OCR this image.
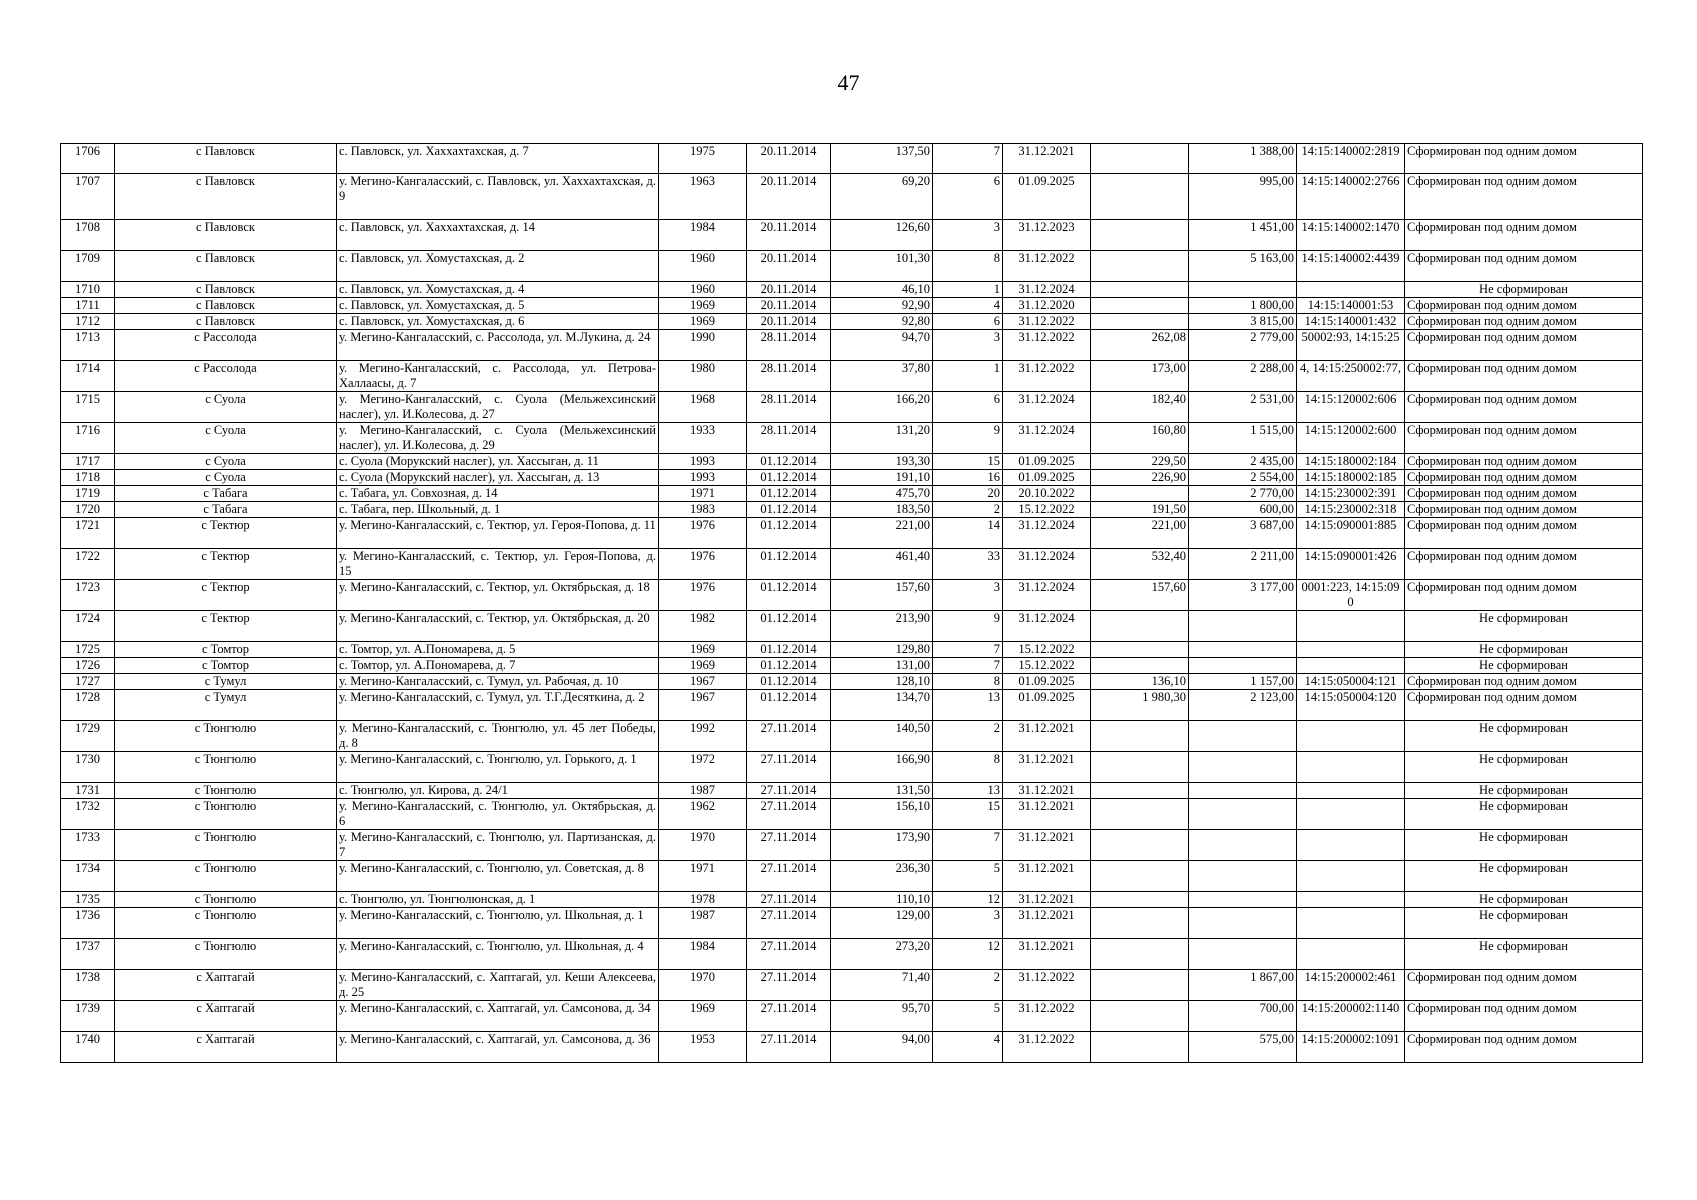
47
1706	с Павловск	с. Павловск, ул. Хаххахтахская, д. 7	1975	20.11.2014	137,50	7	31.12.2021		1 388,00	14:15:140002:2819	Сформирован под одним домом
1707	с Павловск	у. Мегино-Кангаласский, с. Павловск, ул. Хаххахтахская, д. 9	1963	20.11.2014	69,20	6	01.09.2025		995,00	14:15:140002:2766	Сформирован под одним домом
1708	с Павловск	с. Павловск, ул. Хаххахтахская, д. 14	1984	20.11.2014	126,60	3	31.12.2023		1 451,00	14:15:140002:1470	Сформирован под одним домом
1709	с Павловск	с. Павловск, ул. Хомустахская, д. 2	1960	20.11.2014	101,30	8	31.12.2022		5 163,00	14:15:140002:4439	Сформирован под одним домом
1710	с Павловск	с. Павловск, ул. Хомустахская, д. 4	1960	20.11.2014	46,10	1	31.12.2024				Не сформирован
1711	с Павловск	с. Павловск, ул. Хомустахская, д. 5	1969	20.11.2014	92,90	4	31.12.2020		1 800,00	14:15:140001:53	Сформирован под одним домом
1712	с Павловск	с. Павловск, ул. Хомустахская, д. 6	1969	20.11.2014	92,80	6	31.12.2022		3 815,00	14:15:140001:432	Сформирован под одним домом
1713	с Рассолода	у. Мегино-Кангаласский, с. Рассолода, ул. М.Лукина, д. 24	1990	28.11.2014	94,70	3	31.12.2022	262,08	2 779,00	50002:93, 14:15:25	Сформирован под одним домом
1714	с Рассолода	у. Мегино-Кангаласский, с. Рассолода, ул. Петрова-Халлаасы, д. 7	1980	28.11.2014	37,80	1	31.12.2022	173,00	2 288,00	4, 14:15:250002:77,	Сформирован под одним домом
1715	с Суола	у. Мегино-Кангаласский, с. Суола (Мельжехсинский наслег), ул. И.Колесова, д. 27	1968	28.11.2014	166,20	6	31.12.2024	182,40	2 531,00	14:15:120002:606	Сформирован под одним домом
1716	с Суола	у. Мегино-Кангаласский, с. Суола (Мельжехсинский наслег), ул. И.Колесова, д. 29	1933	28.11.2014	131,20	9	31.12.2024	160,80	1 515,00	14:15:120002:600	Сформирован под одним домом
1717	с Суола	с. Суола (Морукский наслег), ул. Хассыган, д. 11	1993	01.12.2014	193,30	15	01.09.2025	229,50	2 435,00	14:15:180002:184	Сформирован под одним домом
1718	с Суола	с. Суола (Морукский наслег), ул. Хассыган, д. 13	1993	01.12.2014	191,10	16	01.09.2025	226,90	2 554,00	14:15:180002:185	Сформирован под одним домом
1719	с Табага	с. Табага, ул. Совхозная, д. 14	1971	01.12.2014	475,70	20	20.10.2022		2 770,00	14:15:230002:391	Сформирован под одним домом
1720	с Табага	с. Табага, пер. Школьный, д. 1	1983	01.12.2014	183,50	2	15.12.2022	191,50	600,00	14:15:230002:318	Сформирован под одним домом
1721	с Тектюр	у. Мегино-Кангаласский, с. Тектюр, ул. Героя-Попова, д. 11	1976	01.12.2014	221,00	14	31.12.2024	221,00	3 687,00	14:15:090001:885	Сформирован под одним домом
1722	с Тектюр	у. Мегино-Кангаласский, с. Тектюр, ул. Героя-Попова, д. 15	1976	01.12.2014	461,40	33	31.12.2024	532,40	2 211,00	14:15:090001:426	Сформирован под одним домом
1723	с Тектюр	у. Мегино-Кангаласский, с. Тектюр, ул. Октябрьская, д. 18	1976	01.12.2014	157,60	3	31.12.2024	157,60	3 177,00	0001:223, 14:15:090	Сформирован под одним домом
1724	с Тектюр	у. Мегино-Кангаласский, с. Тектюр, ул. Октябрьская, д. 20	1982	01.12.2014	213,90	9	31.12.2024				Не сформирован
1725	с Томтор	с. Томтор, ул. А.Пономарева, д. 5	1969	01.12.2014	129,80	7	15.12.2022				Не сформирован
1726	с Томтор	с. Томтор, ул. А.Пономарева, д. 7	1969	01.12.2014	131,00	7	15.12.2022				Не сформирован
1727	с Тумул	у. Мегино-Кангаласский, с. Тумул, ул. Рабочая, д. 10	1967	01.12.2014	128,10	8	01.09.2025	136,10	1 157,00	14:15:050004:121	Сформирован под одним домом
1728	с Тумул	у. Мегино-Кангаласский, с. Тумул, ул. Т.Г.Десяткина, д. 2	1967	01.12.2014	134,70	13	01.09.2025	1 980,30	2 123,00	14:15:050004:120	Сформирован под одним домом
1729	с Тюнгюлю	у. Мегино-Кангаласский, с. Тюнгюлю, ул. 45 лет Победы, д. 8	1992	27.11.2014	140,50	2	31.12.2021				Не сформирован
1730	с Тюнгюлю	у. Мегино-Кангаласский, с. Тюнгюлю, ул. Горького, д. 1	1972	27.11.2014	166,90	8	31.12.2021				Не сформирован
1731	с Тюнгюлю	с. Тюнгюлю, ул. Кирова, д. 24/1	1987	27.11.2014	131,50	13	31.12.2021				Не сформирован
1732	с Тюнгюлю	у. Мегино-Кангаласский, с. Тюнгюлю, ул. Октябрьская, д. 6	1962	27.11.2014	156,10	15	31.12.2021				Не сформирован
1733	с Тюнгюлю	у. Мегино-Кангаласский, с. Тюнгюлю, ул. Партизанская, д. 7	1970	27.11.2014	173,90	7	31.12.2021				Не сформирован
1734	с Тюнгюлю	у. Мегино-Кангаласский, с. Тюнгюлю, ул. Советская, д. 8	1971	27.11.2014	236,30	5	31.12.2021				Не сформирован
1735	с Тюнгюлю	с. Тюнгюлю, ул. Тюнгюлюнская, д. 1	1978	27.11.2014	110,10	12	31.12.2021				Не сформирован
1736	с Тюнгюлю	у. Мегино-Кангаласский, с. Тюнгюлю, ул. Школьная, д. 1	1987	27.11.2014	129,00	3	31.12.2021				Не сформирован
1737	с Тюнгюлю	у. Мегино-Кангаласский, с. Тюнгюлю, ул. Школьная, д. 4	1984	27.11.2014	273,20	12	31.12.2021				Не сформирован
1738	с Хаптагай	у. Мегино-Кангаласский, с. Хаптагай, ул. Кеши Алексеева, д. 25	1970	27.11.2014	71,40	2	31.12.2022		1 867,00	14:15:200002:461	Сформирован под одним домом
1739	с Хаптагай	у. Мегино-Кангаласский, с. Хаптагай, ул. Самсонова, д. 34	1969	27.11.2014	95,70	5	31.12.2022		700,00	14:15:200002:1140	Сформирован под одним домом
1740	с Хаптагай	у. Мегино-Кангаласский, с. Хаптагай, ул. Самсонова, д. 36	1953	27.11.2014	94,00	4	31.12.2022		575,00	14:15:200002:1091	Сформирован под одним домом
